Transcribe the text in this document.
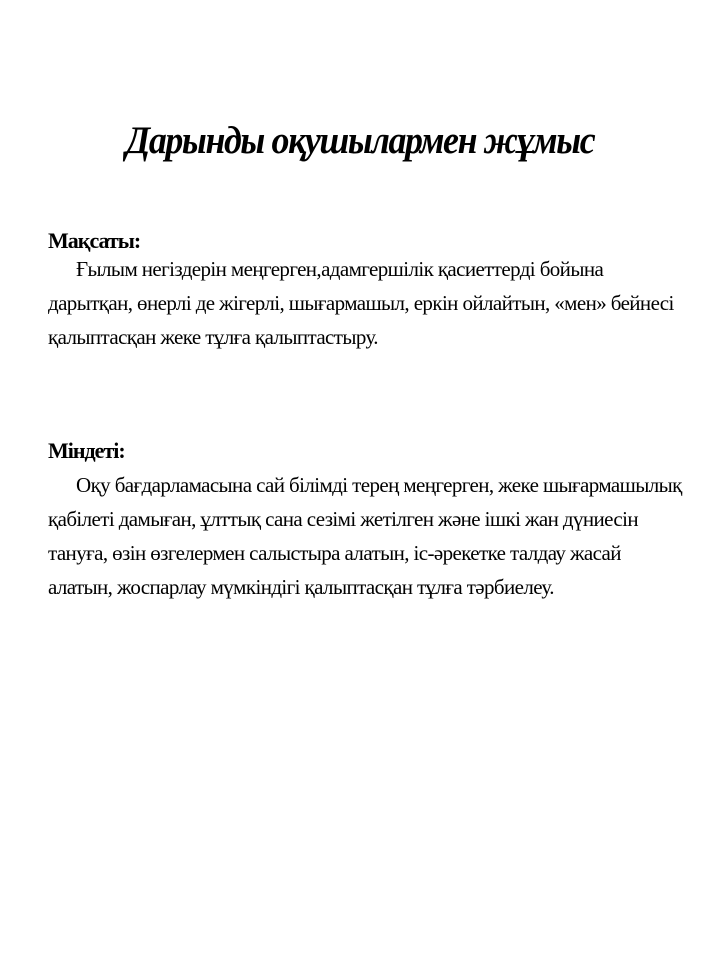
Дарынды оқушылармен жұмыс
Мақсаты:

Ғылым негіздерін меңгерген,адамгершілік қасиеттерді бойына дарытқан, өнерлі де жігерлі, шығармашыл, еркін ойлайтын, «мен» бейнесі қалыптасқан жеке тұлға қалыптастыру.

Міндеті:

Оқу бағдарламасына сай білімді терең меңгерген, жеке шығармашылық қабілеті дамыған, ұлттық сана сезімі жетілген және ішкі жан дүниесін тануға, өзін өзгелермен салыстыра алатын, іс-әрекетке талдау жасай алатын, жоспарлау мүмкіндігі қалыптасқан тұлға тәрбиелеу.
